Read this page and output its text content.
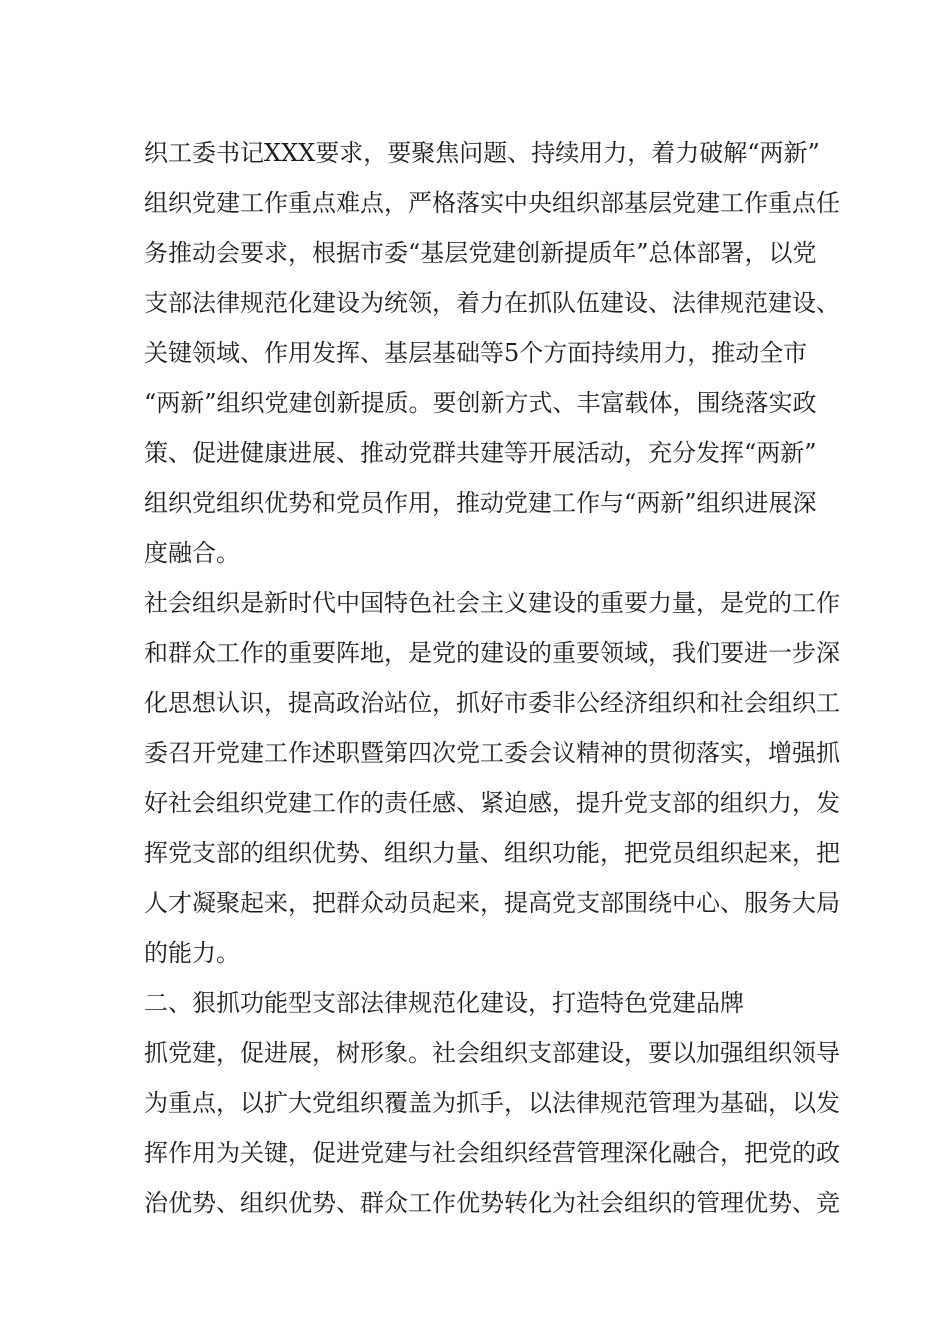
织工委书记XXX要求，要聚焦问题、持续用力，着力破解“两新”
组织党建工作重点难点，严格落实中央组织部基层党建工作重点任
务推动会要求，根据市委“基层党建创新提质年”总体部署，以党
支部法律规范化建设为统领，着力在抓队伍建设、法律规范建设、
关键领域、作用发挥、基层基础等5个方面持续用力，推动全市
“两新”组织党建创新提质。要创新方式、丰富载体，围绕落实政
策、促进健康进展、推动党群共建等开展活动，充分发挥“两新”
组织党组织优势和党员作用，推动党建工作与“两新”组织进展深
度融合。
社会组织是新时代中国特色社会主义建设的重要力量，是党的工作
和群众工作的重要阵地，是党的建设的重要领域，我们要进一步深
化思想认识，提高政治站位，抓好市委非公经济组织和社会组织工
委召开党建工作述职暨第四次党工委会议精神的贯彻落实，增强抓
好社会组织党建工作的责任感、紧迫感，提升党支部的组织力，发
挥党支部的组织优势、组织力量、组织功能，把党员组织起来，把
人才凝聚起来，把群众动员起来，提高党支部围绕中心、服务大局
的能力。
二、狠抓功能型支部法律规范化建设，打造特色党建品牌
抓党建，促进展，树形象。社会组织支部建设，要以加强组织领导
为重点，以扩大党组织覆盖为抓手，以法律规范管理为基础，以发
挥作用为关键，促进党建与社会组织经营管理深化融合，把党的政
治优势、组织优势、群众工作优势转化为社会组织的管理优势、竞
